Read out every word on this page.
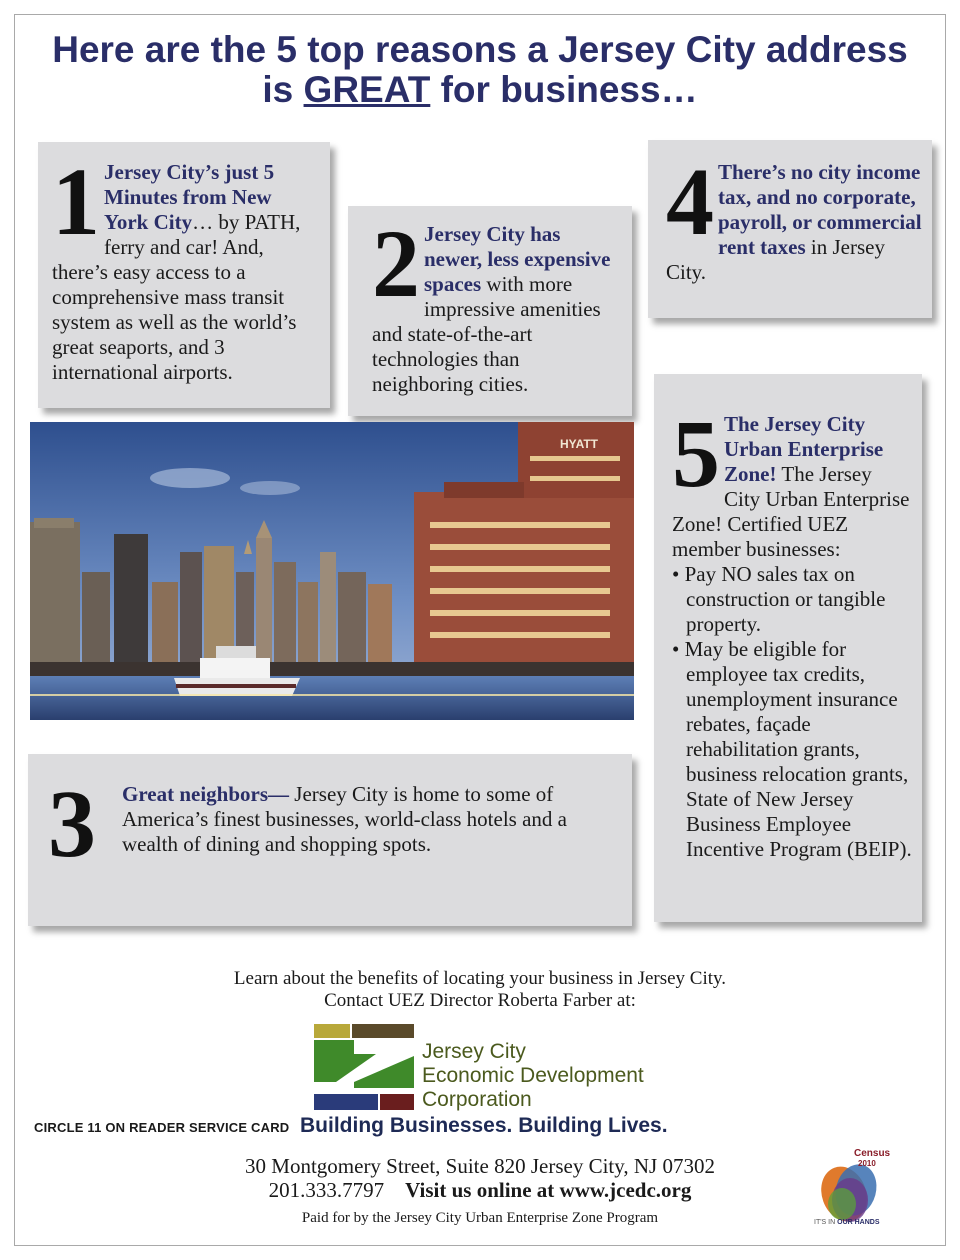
Here are the 5 top reasons a Jersey City address
is GREAT for business…
1 Jersey City’s just 5 Minutes from New York City… by PATH, ferry and car! And, there’s easy access to a comprehensive mass transit system as well as the world’s great seaports, and 3 international airports.
2 Jersey City has newer, less expensive spaces with more impressive amenities and state-of-the-art technologies than neighboring cities.
4 There’s no city income tax, and no corporate, payroll, or commercial rent taxes in Jersey City.
HYATT
3 Great neighbors— Jersey City is home to some of America’s finest businesses, world-class hotels and a wealth of dining and shopping spots.
5 The Jersey City Urban Enterprise Zone! The Jersey City Urban Enterprise Zone! Certified UEZ member businesses:
• Pay NO sales tax on construction or tangible property.
• May be eligible for employee tax credits, unemployment insurance rebates, façade rehabilitation grants, business relocation grants, State of New Jersey Business Employee Incentive Program (BEIP).
Learn about the benefits of locating your business in Jersey City.
Contact UEZ Director Roberta Farber at:
Jersey City
Economic Development
Corporation
CIRCLE 11 ON READER SERVICE CARD Building Businesses. Building Lives.
30 Montgomery Street, Suite 820 Jersey City, NJ 07302
201.333.7797 Visit us online at www.jcedc.org
Paid for by the Jersey City Urban Enterprise Zone Program
Census
2010
IT'S IN OUR HANDS
